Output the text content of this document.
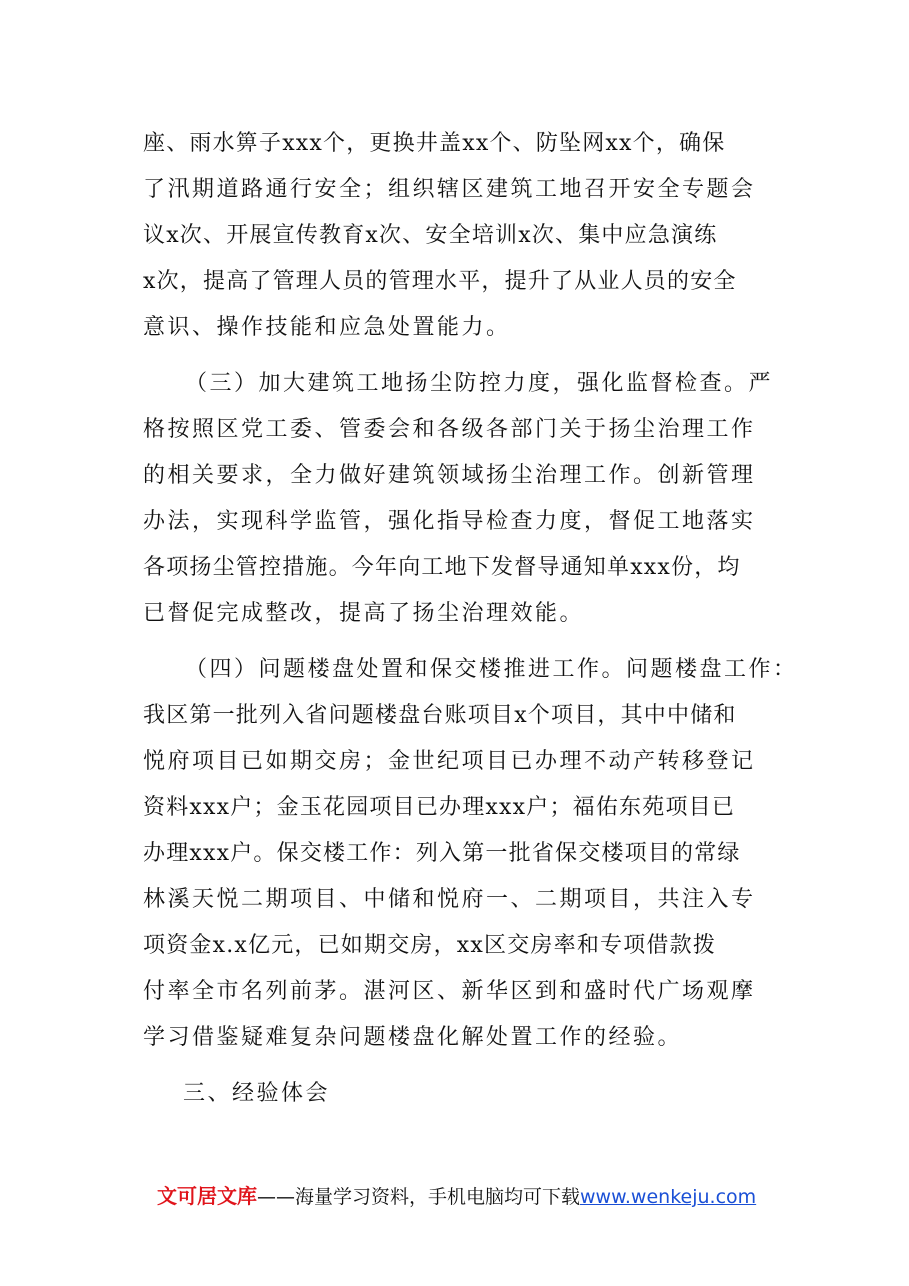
座、雨水箅子xxx个，更换井盖xx个、防坠网xx个，确保
了汛期道路通行安全；组织辖区建筑工地召开安全专题会
议x次、开展宣传教育x次、安全培训x次、集中应急演练
x次，提高了管理人员的管理水平，提升了从业人员的安全
意识、操作技能和应急处置能力。
（三）加大建筑工地扬尘防控力度，强化监督检查。严
格按照区党工委、管委会和各级各部门关于扬尘治理工作
的相关要求，全力做好建筑领域扬尘治理工作。创新管理
办法，实现科学监管，强化指导检查力度，督促工地落实
各项扬尘管控措施。今年向工地下发督导通知单xxx份，均
已督促完成整改，提高了扬尘治理效能。
（四）问题楼盘处置和保交楼推进工作。问题楼盘工作：
我区第一批列入省问题楼盘台账项目x个项目，其中中储和
悦府项目已如期交房；金世纪项目已办理不动产转移登记
资料xxx户；金玉花园项目已办理xxx户；福佑东苑项目已
办理xxx户。保交楼工作：列入第一批省保交楼项目的常绿
林溪天悦二期项目、中储和悦府一、二期项目，共注入专
项资金x.x亿元，已如期交房，xx区交房率和专项借款拨
付率全市名列前茅。湛河区、新华区到和盛时代广场观摩
学习借鉴疑难复杂问题楼盘化解处置工作的经验。
三、经验体会
文可居文库——海量学习资料，手机电脑均可下载www.wenkeju.com
